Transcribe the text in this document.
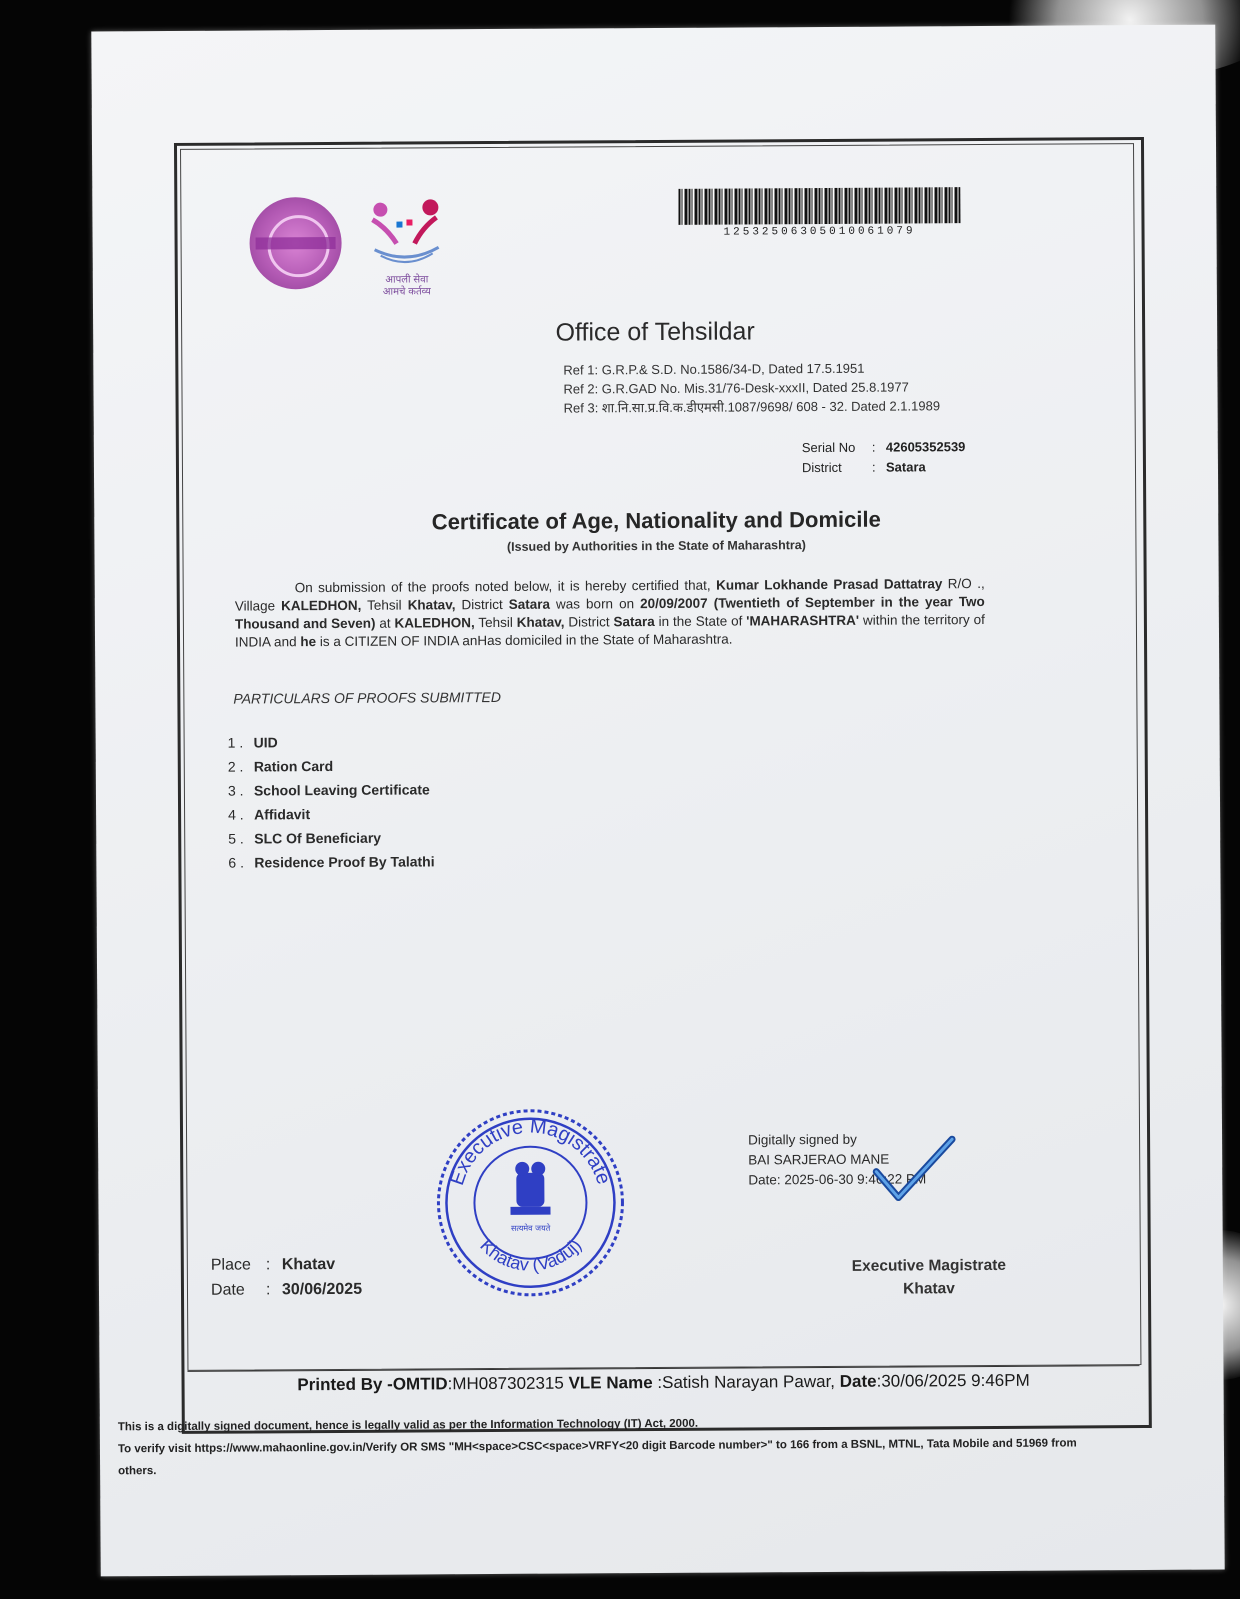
आपली सेवा
आमचे कर्तव्य
12532506305010061079
Office of Tehsildar
Ref 1: G.R.P.& S.D. No.1586/34-D, Dated 17.5.1951
Ref 2: G.R.GAD No. Mis.31/76-Desk-xxxII, Dated 25.8.1977
Ref 3: शा.नि.सा.प्र.वि.क.डीएमसी.1087/9698/ 608 - 32. Dated 2.1.1989
Serial No : 42605352539
District : Satara
Certificate of Age, Nationality and Domicile
(Issued by Authorities in the State of Maharashtra)
On submission of the proofs noted below, it is hereby certified that, Kumar Lokhande Prasad Dattatray R/O ., Village KALEDHON, Tehsil Khatav, District Satara was born on 20/09/2007 (Twentieth of September in the year Two Thousand and Seven) at KALEDHON, Tehsil Khatav, District Satara in the State of 'MAHARASHTRA' within the territory of INDIA and he is a CITIZEN OF INDIA anHas domiciled in the State of Maharashtra.
PARTICULARS OF PROOFS SUBMITTED
1 . UID
2 . Ration Card
3 . School Leaving Certificate
4 . Affidavit
5 . SLC Of Beneficiary
6 . Residence Proof By Talathi
Executive Magistrate
Khatav (Vaduj)
सत्यमेव जयते
Digitally signed by
BAI SARJERAO MANE
Date: 2025-06-30 9:46:22 PM
Executive Magistrate
Khatav
Place : Khatav
Date : 30/06/2025
Printed By -OMTID:MH087302315 VLE Name :Satish Narayan Pawar, Date:30/06/2025 9:46PM
This is a digitally signed document, hence is legally valid as per the Information Technology (IT) Act, 2000.
To verify visit https://www.mahaonline.gov.in/Verify OR SMS "MH<space>CSC<space>VRFY<20 digit Barcode number>" to 166 from a BSNL, MTNL, Tata Mobile and 51969 from others.
